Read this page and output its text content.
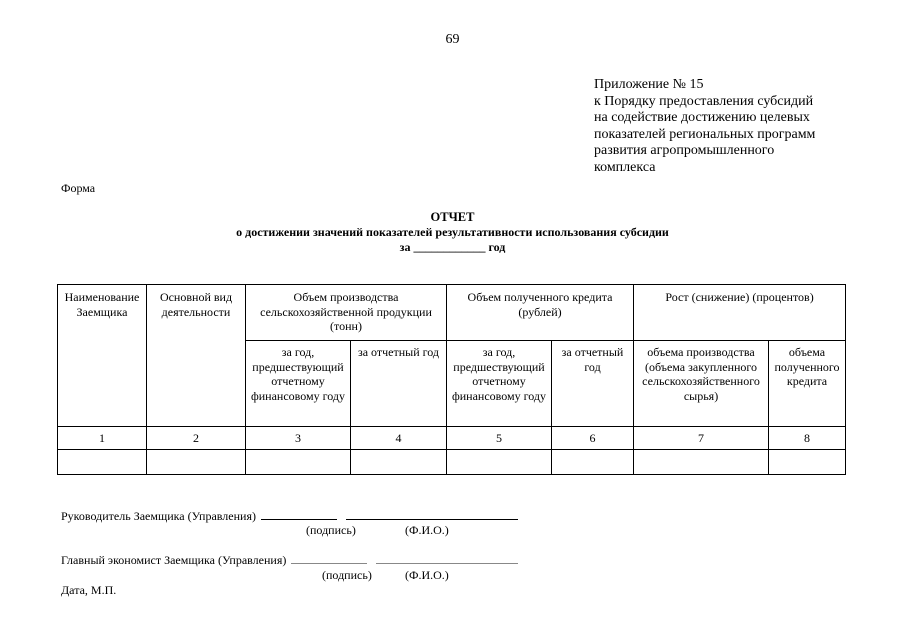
69
Приложение № 15
к Порядку предоставления субсидий
на содействие достижению целевых
показателей региональных программ
развития агропромышленного
комплекса
Форма
ОТЧЕТ
о достижении значений показателей результативности использования субсидии
за ____________ год
Наименование Заемщика	Основной вид деятельности	Объем производства сельскохозяйственной продукции (тонн)		Объем полученного кредита (рублей)		Рост (снижение) (процентов)	
		за год, предшествующий отчетному финансовому году	за отчетный год	за год, предшествующий отчетному финансовому году	за отчетный год	объема производства (объема закупленного сельскохозяйственного сырья)	объема полученного кредита
1	2	3	4	5	6	7	8

Руководитель Заемщика (Управления)
(подпись)	(Ф.И.О.)
Главный экономист Заемщика (Управления)
(подпись)	(Ф.И.О.)
Дата, М.П.
